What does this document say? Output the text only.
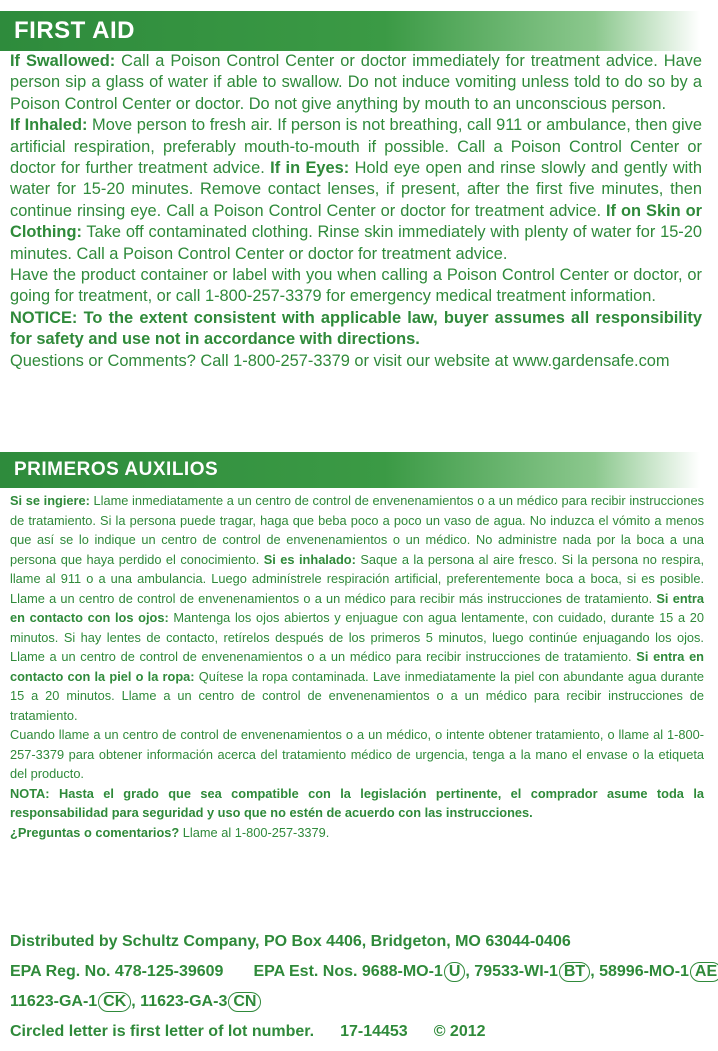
FIRST AID
If Swallowed: Call a Poison Control Center or doctor immediately for treatment advice. Have person sip a glass of water if able to swallow. Do not induce vomiting unless told to do so by a Poison Control Center or doctor. Do not give anything by mouth to an unconscious person.
If Inhaled: Move person to fresh air. If person is not breathing, call 911 or ambulance, then give artificial respiration, preferably mouth-to-mouth if possible. Call a Poison Control Center or doctor for further treatment advice. If in Eyes: Hold eye open and rinse slowly and gently with water for 15-20 minutes. Remove contact lenses, if present, after the first five minutes, then continue rinsing eye. Call a Poison Control Center or doctor for treatment advice. If on Skin or Clothing: Take off contaminated clothing. Rinse skin immediately with plenty of water for 15-20 minutes. Call a Poison Control Center or doctor for treatment advice.
Have the product container or label with you when calling a Poison Control Center or doctor, or going for treatment, or call 1-800-257-3379 for emergency medical treatment information.
NOTICE: To the extent consistent with applicable law, buyer assumes all responsibility for safety and use not in accordance with directions.
Questions or Comments? Call 1-800-257-3379 or visit our website at www.gardensafe.com
PRIMEROS AUXILIOS
Si se ingiere: Llame inmediatamente a un centro de control de envenenamientos o a un médico para recibir instrucciones de tratamiento. Si la persona puede tragar, haga que beba poco a poco un vaso de agua. No induzca el vómito a menos que así se lo indique un centro de control de envenenamientos o un médico. No administre nada por la boca a una persona que haya perdido el conocimiento. Si es inhalado: Saque a la persona al aire fresco. Si la persona no respira, llame al 911 o a una ambulancia. Luego adminístrele respiración artificial, preferentemente boca a boca, si es posible. Llame a un centro de control de envenenamientos o a un médico para recibir más instrucciones de tratamiento. Si entra en contacto con los ojos: Mantenga los ojos abiertos y enjuague con agua lentamente, con cuidado, durante 15 a 20 minutos. Si hay lentes de contacto, retírelos después de los primeros 5 minutos, luego continúe enjuagando los ojos. Llame a un centro de control de envenenamientos o a un médico para recibir instrucciones de tratamiento. Si entra en contacto con la piel o la ropa: Quítese la ropa contaminada. Lave inmediatamente la piel con abundante agua durante 15 a 20 minutos. Llame a un centro de control de envenenamientos o a un médico para recibir instrucciones de tratamiento.
Cuando llame a un centro de control de envenenamientos o a un médico, o intente obtener tratamiento, o llame al 1-800-257-3379 para obtener información acerca del tratamiento médico de urgencia, tenga a la mano el envase o la etiqueta del producto.
NOTA: Hasta el grado que sea compatible con la legislación pertinente, el comprador asume toda la responsabilidad para seguridad y uso que no estén de acuerdo con las instrucciones.
¿Preguntas o comentarios? Llame al 1-800-257-3379.
Distributed by Schultz Company, PO Box 4406, Bridgeton, MO 63044-0406
EPA Reg. No. 478-125-39609 EPA Est. Nos. 9688-MO-1 U , 79533-WI-1 BT , 58996-MO-1 AE
11623-GA-1 CK , 11623-GA-3 CN
Circled letter is first letter of lot number. 17-14453 © 2012
